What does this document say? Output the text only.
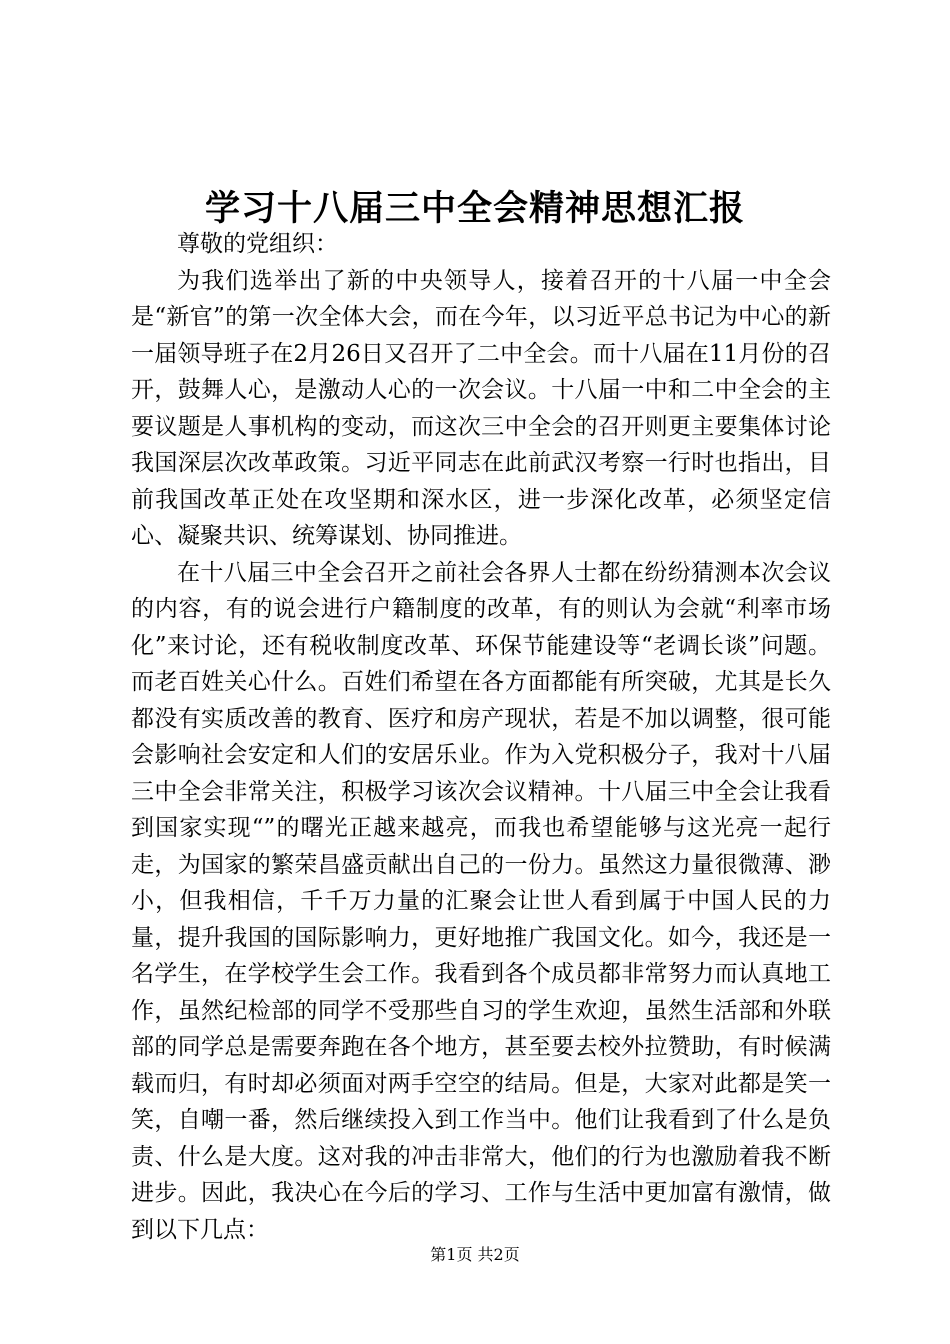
学习十八届三中全会精神思想汇报

尊敬的党组织：

为我们选举出了新的中央领导人，接着召开的十八届一中全会是“新官”的第一次全体大会，而在今年，以习近平总书记为中心的新一届领导班子在2月26日又召开了二中全会。而十八届在11月份的召开，鼓舞人心，是激动人心的一次会议。十八届一中和二中全会的主要议题是人事机构的变动，而这次三中全会的召开则更主要集体讨论我国深层次改革政策。习近平同志在此前武汉考察一行时也指出，目前我国改革正处在攻坚期和深水区，进一步深化改革，必须坚定信心、凝聚共识、统筹谋划、协同推进。

在十八届三中全会召开之前社会各界人士都在纷纷猜测本次会议的内容，有的说会进行户籍制度的改革，有的则认为会就“利率市场化”来讨论，还有税收制度改革、环保节能建设等“老调长谈”问题。而老百姓关心什么。百姓们希望在各方面都能有所突破，尤其是长久都没有实质改善的教育、医疗和房产现状，若是不加以调整，很可能会影响社会安定和人们的安居乐业。作为入党积极分子，我对十八届三中全会非常关注，积极学习该次会议精神。十八届三中全会让我看到国家实现“”的曙光正越来越亮，而我也希望能够与这光亮一起行走，为国家的繁荣昌盛贡献出自己的一份力。虽然这力量很微薄、渺小，但我相信，千千万力量的汇聚会让世人看到属于中国人民的力量，提升我国的国际影响力，更好地推广我国文化。如今，我还是一名学生，在学校学生会工作。我看到各个成员都非常努力而认真地工作，虽然纪检部的同学不受那些自习的学生欢迎，虽然生活部和外联部的同学总是需要奔跑在各个地方，甚至要去校外拉赞助，有时候满载而归，有时却必须面对两手空空的结局。但是，大家对此都是笑一笑，自嘲一番，然后继续投入到工作当中。他们让我看到了什么是负责、什么是大度。这对我的冲击非常大，他们的行为也激励着我不断进步。因此，我决心在今后的学习、工作与生活中更加富有激情，做到以下几点：

第1页 共2页
